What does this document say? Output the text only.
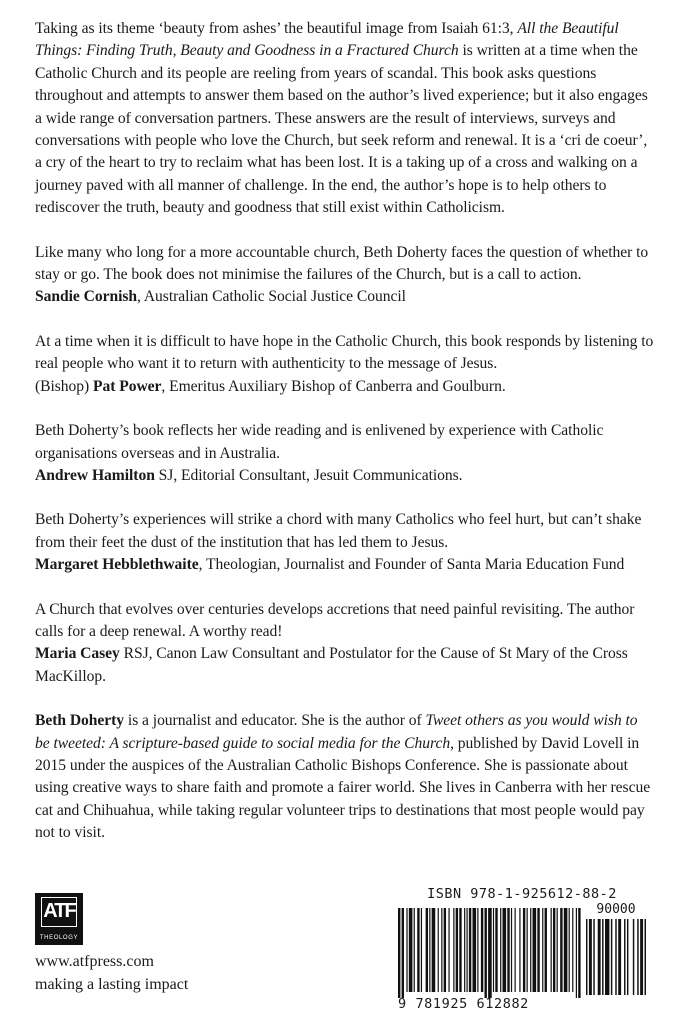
Taking as its theme ‘beauty from ashes’ the beautiful image from Isaiah 61:3, All the Beautiful Things: Finding Truth, Beauty and Goodness in a Fractured Church is written at a time when the Catholic Church and its people are reeling from years of scandal. This book asks questions throughout and attempts to answer them based on the author’s lived experience; but it also engages a wide range of conversation partners. These answers are the result of interviews, surveys and conversations with people who love the Church, but seek reform and renewal. It is a ‘cri de coeur’, a cry of the heart to try to reclaim what has been lost. It is a taking up of a cross and walking on a journey paved with all manner of challenge. In the end, the author’s hope is to help others to rediscover the truth, beauty and goodness that still exist within Catholicism.

Like many who long for a more accountable church, Beth Doherty faces the question of whether to stay or go. The book does not minimise the failures of the Church, but is a call to action.

Sandie Cornish, Australian Catholic Social Justice Council

At a time when it is difficult to have hope in the Catholic Church, this book responds by listening to real people who want it to return with authenticity to the message of Jesus.

(Bishop) Pat Power, Emeritus Auxiliary Bishop of Canberra and Goulburn.

Beth Doherty’s book reflects her wide reading and is enlivened by experience with Catholic organisations overseas and in Australia.

Andrew Hamilton SJ, Editorial Consultant, Jesuit Communications.

Beth Doherty’s experiences will strike a chord with many Catholics who feel hurt, but can’t shake from their feet the dust of the institution that has led them to Jesus.

Margaret Hebblethwaite, Theologian, Journalist and Founder of Santa Maria Education Fund

A Church that evolves over centuries develops accretions that need painful revisiting. The author calls for a deep renewal. A worthy read!

Maria Casey RSJ, Canon Law Consultant and Postulator for the Cause of St Mary of the Cross MacKillop.

Beth Doherty is a journalist and educator. She is the author of Tweet others as you would wish to be tweeted: A scripture-based guide to social media for the Church, published by David Lovell in 2015 under the auspices of the Australian Catholic Bishops Conference. She is passionate about using creative ways to share faith and promote a fairer world. She lives in Canberra with her rescue cat and Chihuahua, while taking regular volunteer trips to destinations that most people would pay not to visit.

ATF
THEOLOGY
www.atfpress.com
making a lasting impact
ISBN 978-1-925612-88-2
90000
9 781925 612882
